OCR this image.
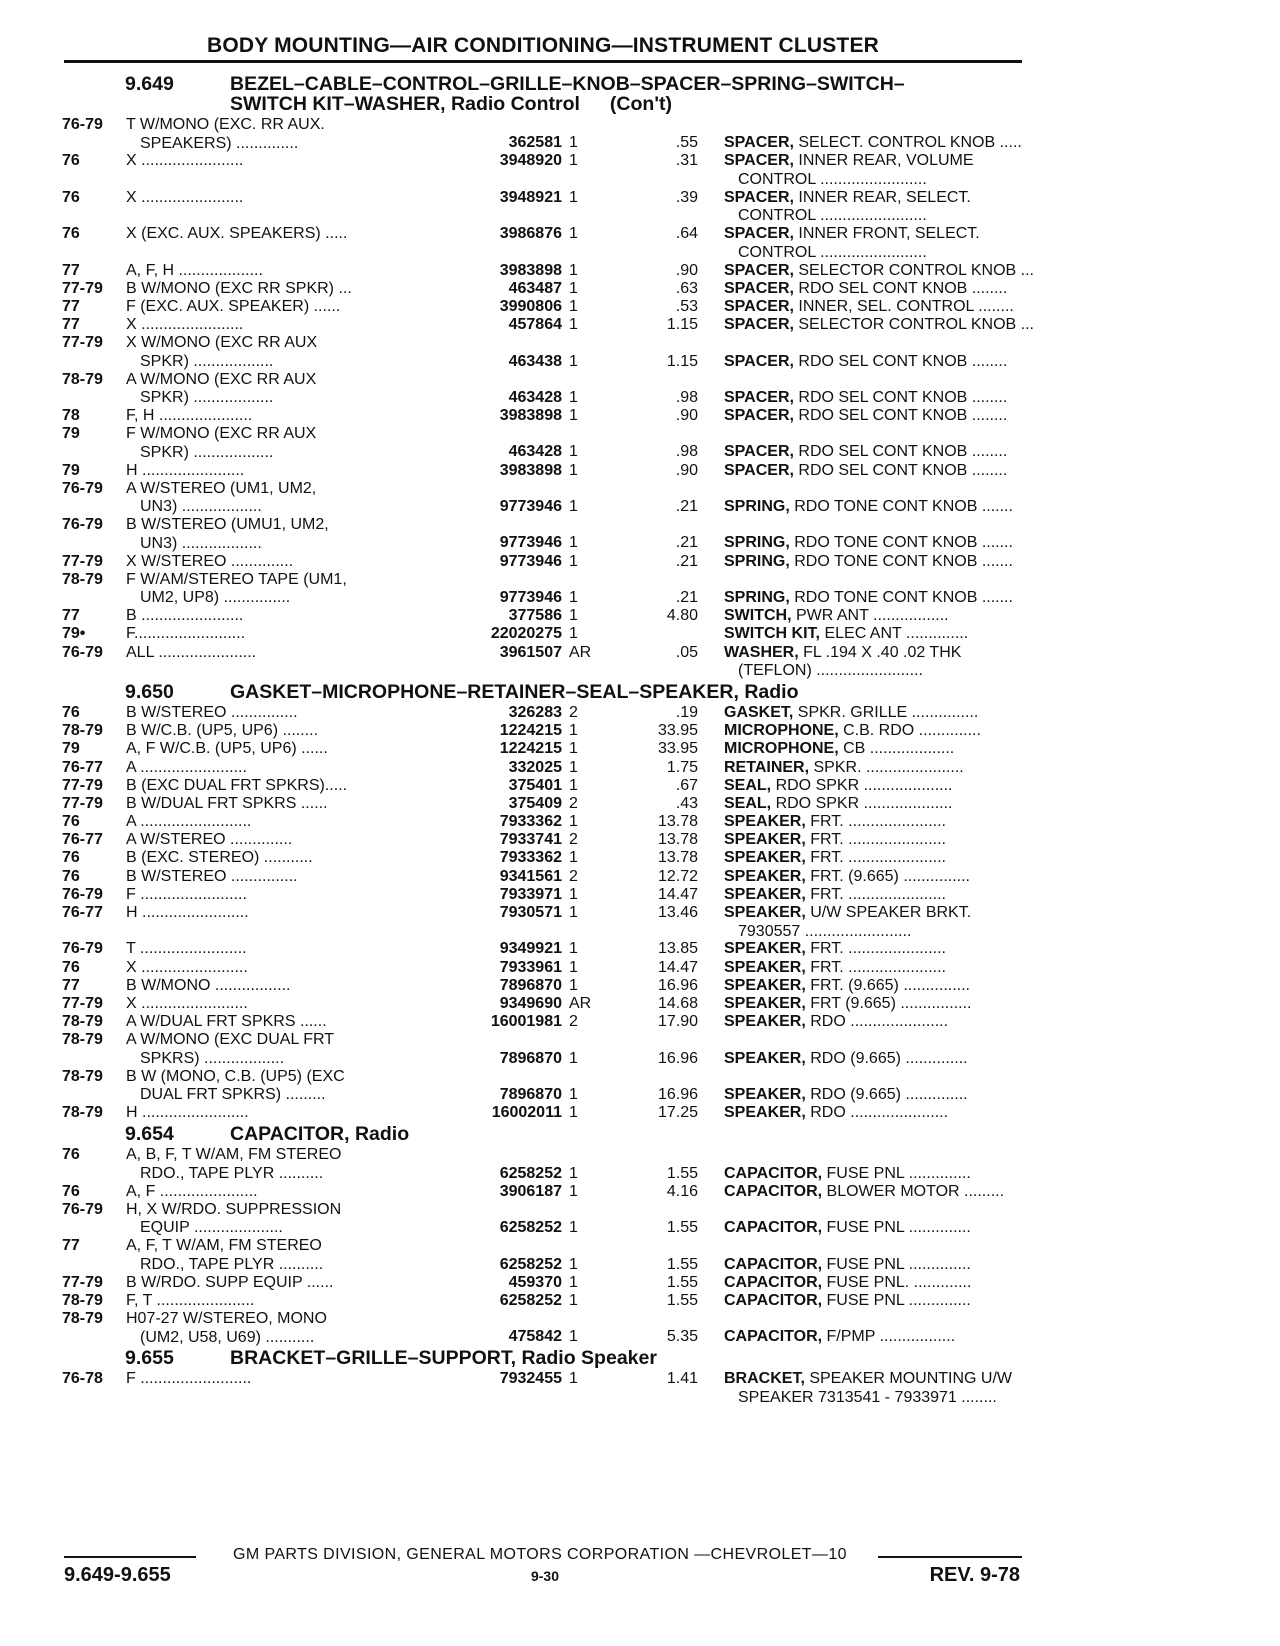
BODY MOUNTING—AIR CONDITIONING—INSTRUMENT CLUSTER
9.649	BEZEL–CABLE–CONTROL–GRILLE–KNOB–SPACER–SPRING–SWITCH–
SWITCH KIT–WASHER, Radio Control (Con't)
76-79	T W/MONO (EXC. RR AUX.
SPEAKERS) ..............	362581 1	.55 SPACER, SELECT. CONTROL KNOB .....
76	X .......................	3948920 1	.31 SPACER, INNER REAR, VOLUME
CONTROL ........................
76	X .......................	3948921 1	.39 SPACER, INNER REAR, SELECT.
CONTROL ........................
76	X (EXC. AUX. SPEAKERS) .....	3986876 1	.64 SPACER, INNER FRONT, SELECT.
CONTROL ........................
77	A, F, H ...................	3983898 1	.90 SPACER, SELECTOR CONTROL KNOB ...
77-79	B W/MONO (EXC RR SPKR) ...	463487 1	.63 SPACER, RDO SEL CONT KNOB ........
77	F (EXC. AUX. SPEAKER) ......	3990806 1	.53 SPACER, INNER, SEL. CONTROL ........
77	X .......................	457864 1	1.15 SPACER, SELECTOR CONTROL KNOB ...
77-79	X W/MONO (EXC RR AUX
SPKR) ..................	463438 1	1.15 SPACER, RDO SEL CONT KNOB ........
78-79	A W/MONO (EXC RR AUX
SPKR) ..................	463428 1	.98 SPACER, RDO SEL CONT KNOB ........
78	F, H .....................	3983898 1	.90 SPACER, RDO SEL CONT KNOB ........
79	F W/MONO (EXC RR AUX
SPKR) ..................	463428 1	.98 SPACER, RDO SEL CONT KNOB ........
79	H .......................	3983898 1	.90 SPACER, RDO SEL CONT KNOB ........
76-79	A W/STEREO (UM1, UM2,
UN3) ..................	9773946 1	.21 SPRING, RDO TONE CONT KNOB .......
76-79	B W/STEREO (UMU1, UM2,
UN3) ..................	9773946 1	.21 SPRING, RDO TONE CONT KNOB .......
77-79	X W/STEREO ..............	9773946 1	.21 SPRING, RDO TONE CONT KNOB .......
78-79	F W/AM/STEREO TAPE (UM1,
UM2, UP8) ...............	9773946 1	.21 SPRING, RDO TONE CONT KNOB .......
77	B .......................	377586 1	4.80 SWITCH, PWR ANT .................
79•	F.........................	22020275 1	SWITCH KIT, ELEC ANT ..............
76-79	ALL ......................	3961507 AR	.05 WASHER, FL .194 X .40 .02 THK
(TEFLON) ........................
9.650	GASKET–MICROPHONE–RETAINER–SEAL–SPEAKER, Radio
76	B W/STEREO ...............	326283 2	.19 GASKET, SPKR. GRILLE ...............
78-79	B W/C.B. (UP5, UP6) ........	1224215 1	33.95 MICROPHONE, C.B. RDO ..............
79	A, F W/C.B. (UP5, UP6) ......	1224215 1	33.95 MICROPHONE, CB ...................
76-77	A ........................	332025 1	1.75 RETAINER, SPKR. ......................
77-79	B (EXC DUAL FRT SPKRS).....	375401 1	.67 SEAL, RDO SPKR ....................
77-79	B W/DUAL FRT SPKRS ......	375409 2	.43 SEAL, RDO SPKR ....................
76	A .........................	7933362 1	13.78 SPEAKER, FRT. ......................
76-77	A W/STEREO ..............	7933741 2	13.78 SPEAKER, FRT. ......................
76	B (EXC. STEREO) ...........	7933362 1	13.78 SPEAKER, FRT. ......................
76	B W/STEREO ...............	9341561 2	12.72 SPEAKER, FRT. (9.665) ...............
76-79	F ........................	7933971 1	14.47 SPEAKER, FRT. ......................
76-77	H ........................	7930571 1	13.46 SPEAKER, U/W SPEAKER BRKT.
7930557 ........................
76-79	T ........................	9349921 1	13.85 SPEAKER, FRT. ......................
76	X ........................	7933961 1	14.47 SPEAKER, FRT. ......................
77	B W/MONO .................	7896870 1	16.96 SPEAKER, FRT. (9.665) ...............
77-79	X ........................	9349690 AR	14.68 SPEAKER, FRT (9.665) ................
78-79	A W/DUAL FRT SPKRS ......	16001981 2	17.90 SPEAKER, RDO ......................
78-79	A W/MONO (EXC DUAL FRT
SPKRS) ..................	7896870 1	16.96 SPEAKER, RDO (9.665) ..............
78-79	B W (MONO, C.B. (UP5) (EXC
DUAL FRT SPKRS) .........	7896870 1	16.96 SPEAKER, RDO (9.665) ..............
78-79	H ........................	16002011 1	17.25 SPEAKER, RDO ......................
9.654	CAPACITOR, Radio
76	A, B, F, T W/AM, FM STEREO
RDO., TAPE PLYR ..........	6258252 1	1.55 CAPACITOR, FUSE PNL ..............
76	A, F ......................	3906187 1	4.16 CAPACITOR, BLOWER MOTOR .........
76-79	H, X W/RDO. SUPPRESSION
EQUIP ....................	6258252 1	1.55 CAPACITOR, FUSE PNL ..............
77	A, F, T W/AM, FM STEREO
RDO., TAPE PLYR ..........	6258252 1	1.55 CAPACITOR, FUSE PNL ..............
77-79	B W/RDO. SUPP EQUIP ......	459370 1	1.55 CAPACITOR, FUSE PNL. .............
78-79	F, T ......................	6258252 1	1.55 CAPACITOR, FUSE PNL ..............
78-79	H07-27 W/STEREO, MONO
(UM2, U58, U69) ...........	475842 1	5.35 CAPACITOR, F/PMP .................
9.655	BRACKET–GRILLE–SUPPORT, Radio Speaker
76-78	F .........................	7932455 1	1.41 BRACKET, SPEAKER MOUNTING U/W
SPEAKER 7313541 - 7933971 ........
GM PARTS DIVISION, GENERAL MOTORS CORPORATION —CHEVROLET—10
9.649-9.655	9-30	REV. 9-78
